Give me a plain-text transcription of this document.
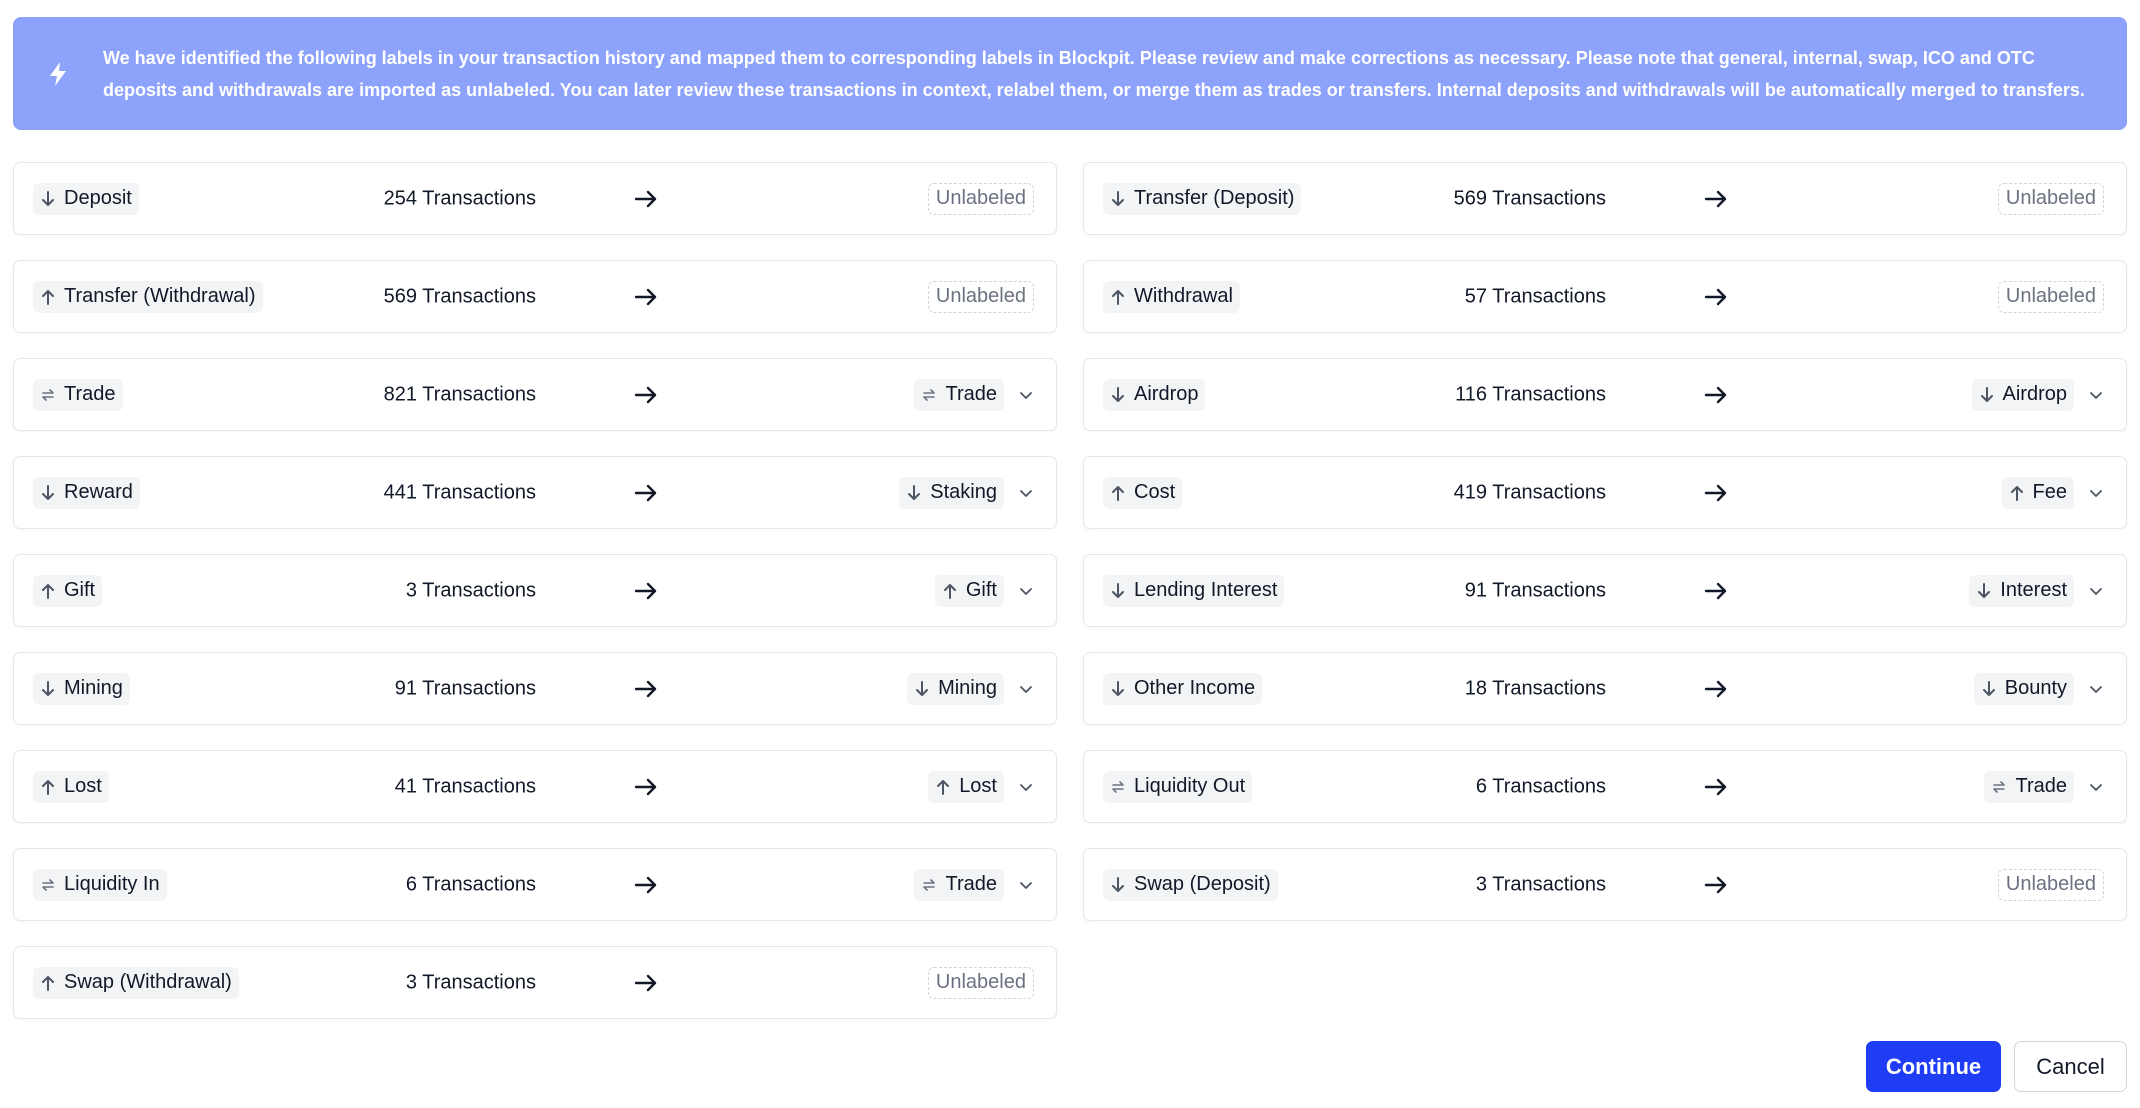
We have identified the following labels in your transaction history and mapped them to corresponding labels in Blockpit. Please review and make corrections as necessary. Please note that general, internal, swap, ICO and OTC deposits and withdrawals are imported as unlabeled. You can later review these transactions in context, relabel them, or merge them as trades or transfers. Internal deposits and withdrawals will be automatically merged to transfers.
Deposit	254 Transactions	Unlabeled	Transfer (Deposit)	569 Transactions	Unlabeled
Transfer (Withdrawal)	569 Transactions	Unlabeled	Withdrawal	57 Transactions	Unlabeled
Trade	821 Transactions	Trade	Airdrop	116 Transactions	Airdrop
Reward	441 Transactions	Staking	Cost	419 Transactions	Fee
Gift	3 Transactions	Gift	Lending Interest	91 Transactions	Interest
Mining	91 Transactions	Mining	Other Income	18 Transactions	Bounty
Lost	41 Transactions	Lost	Liquidity Out	6 Transactions	Trade
Liquidity In	6 Transactions	Trade	Swap (Deposit)	3 Transactions	Unlabeled
Swap (Withdrawal)	3 Transactions	Unlabeled
Continue	Cancel
